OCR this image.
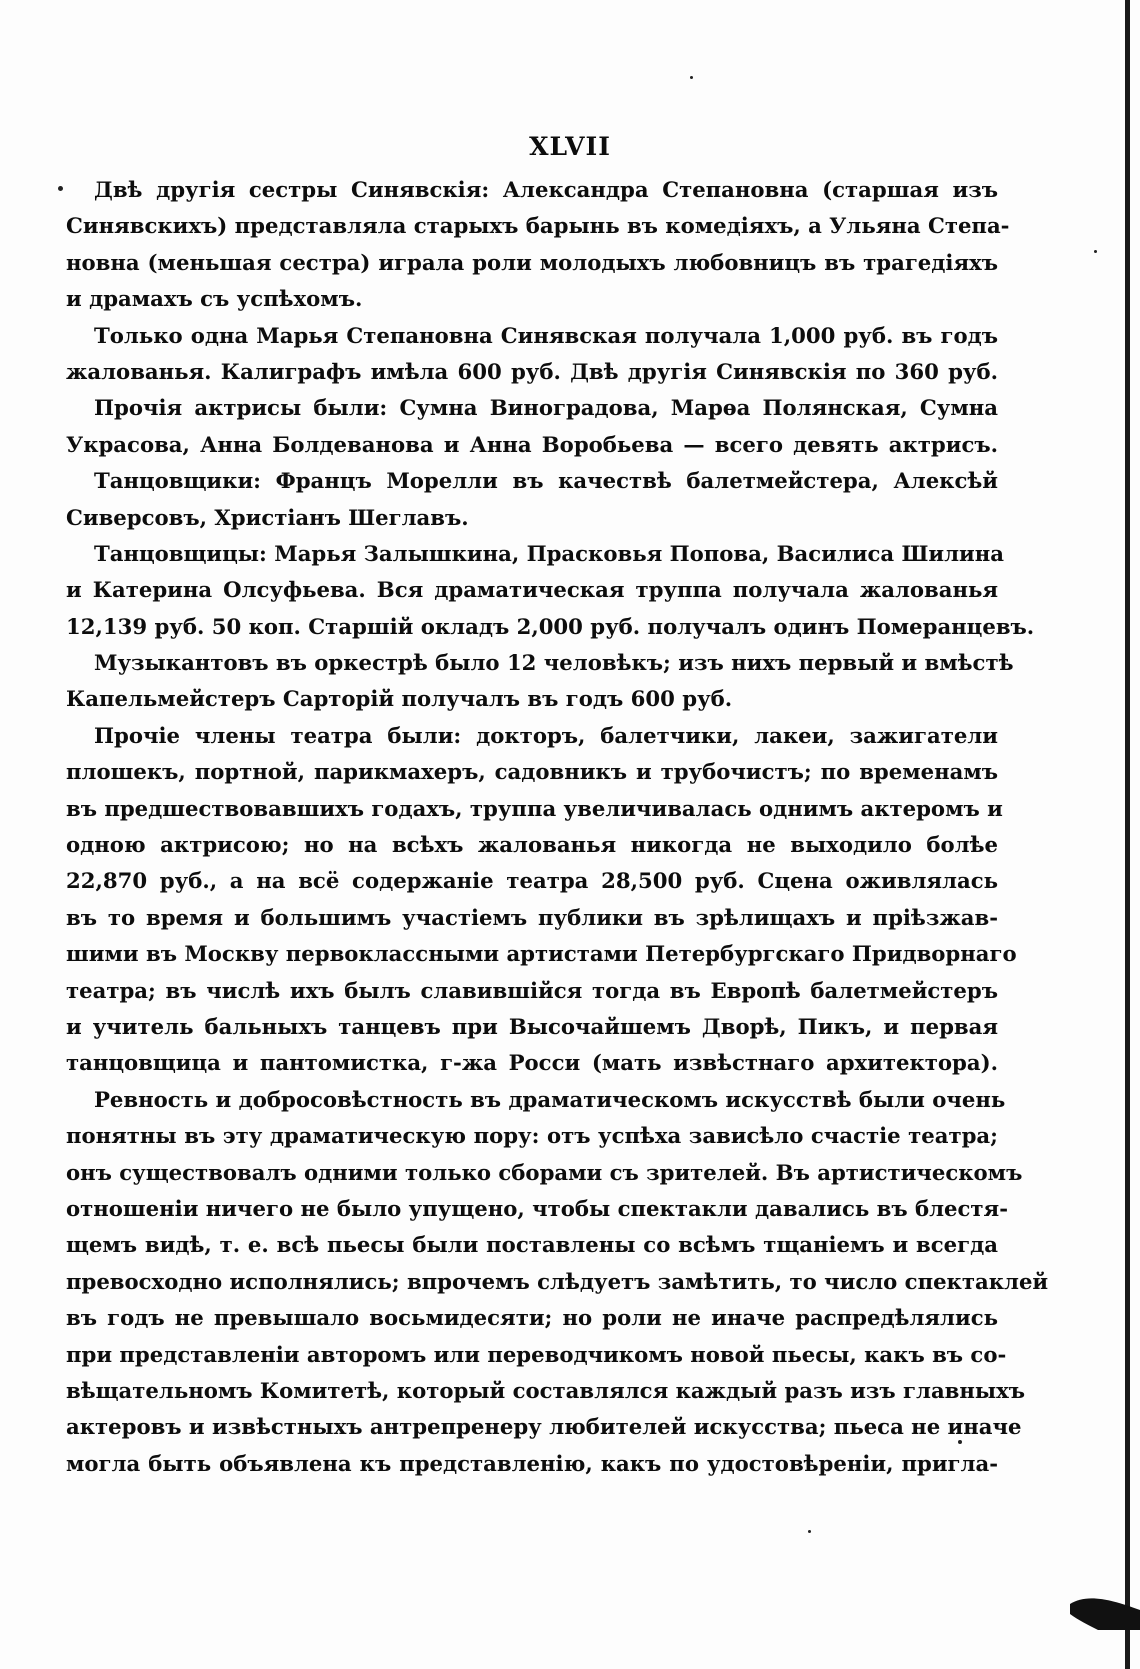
XLVII
Двѣ другія сестры Синявскія: Александра Степановна (старшая изъ
Синявскихъ) представляла старыхъ барынь въ комедіяхъ, а Ульяна Степа-
новна (меньшая сестра) играла роли молодыхъ любовницъ въ трагедіяхъ
и драмахъ съ успѣхомъ.
Только одна Марья Степановна Синявская получала 1,000 руб. въ годъ
жалованья. Калиграфъ имѣла 600 руб. Двѣ другія Синявскія по 360 руб.
Прочія актрисы были: Сумна Виноградова, Марѳа Полянская, Сумна
Украсова, Анна Болдеванова и Анна Воробьева — всего девять актрисъ.
Танцовщики: Францъ Морелли въ качествѣ балетмейстера, Алексѣй
Сиверсовъ, Христіанъ Шеглавъ.
Танцовщицы: Марья Залышкина, Прасковья Попова, Василиса Шилина
и Катерина Олсуфьева. Вся драматическая труппа получала жалованья
12,139 руб. 50 коп. Старшій окладъ 2,000 руб. получалъ одинъ Померанцевъ.
Музыкантовъ въ оркестрѣ было 12 человѣкъ; изъ нихъ первый и вмѣстѣ
Капельмейстеръ Сарторій получалъ въ годъ 600 руб.
Прочіе члены театра были: докторъ, балетчики, лакеи, зажигатели
плошекъ, портной, парикмахеръ, садовникъ и трубочистъ; по временамъ
въ предшествовавшихъ годахъ, труппа увеличивалась однимъ актеромъ и
одною актрисою; но на всѣхъ жалованья никогда не выходило болѣе
22,870 руб., а на всё содержаніе театра 28,500 руб. Сцена оживлялась
въ то время и большимъ участіемъ публики въ зрѣлищахъ и пріѣзжав-
шими въ Москву первоклассными артистами Петербургскаго Придворнаго
театра; въ числѣ ихъ былъ славившійся тогда въ Европѣ балетмейстеръ
и учитель бальныхъ танцевъ при Высочайшемъ Дворѣ, Пикъ, и первая
танцовщица и пантомистка, г-жа Росси (мать извѣстнаго архитектора).
Ревность и добросовѣстность въ драматическомъ искусствѣ были очень
понятны въ эту драматическую пору: отъ успѣха зависѣло счастіе театра;
онъ существовалъ одними только сборами съ зрителей. Въ артистическомъ
отношеніи ничего не было упущено, чтобы спектакли давались въ блестя-
щемъ видѣ, т. е. всѣ пьесы были поставлены со всѣмъ тщаніемъ и всегда
превосходно исполнялись; впрочемъ слѣдуетъ замѣтить, то число спектаклей
въ годъ не превышало восьмидесяти; но роли не иначе распредѣлялись
при представленіи авторомъ или переводчикомъ новой пьесы, какъ въ со-
вѣщательномъ Комитетѣ, который составлялся каждый разъ изъ главныхъ
актеровъ и извѣстныхъ антрепренеру любителей искусства; пьеса не иначе
могла быть объявлена къ представленію, какъ по удостовѣреніи, пригла-
